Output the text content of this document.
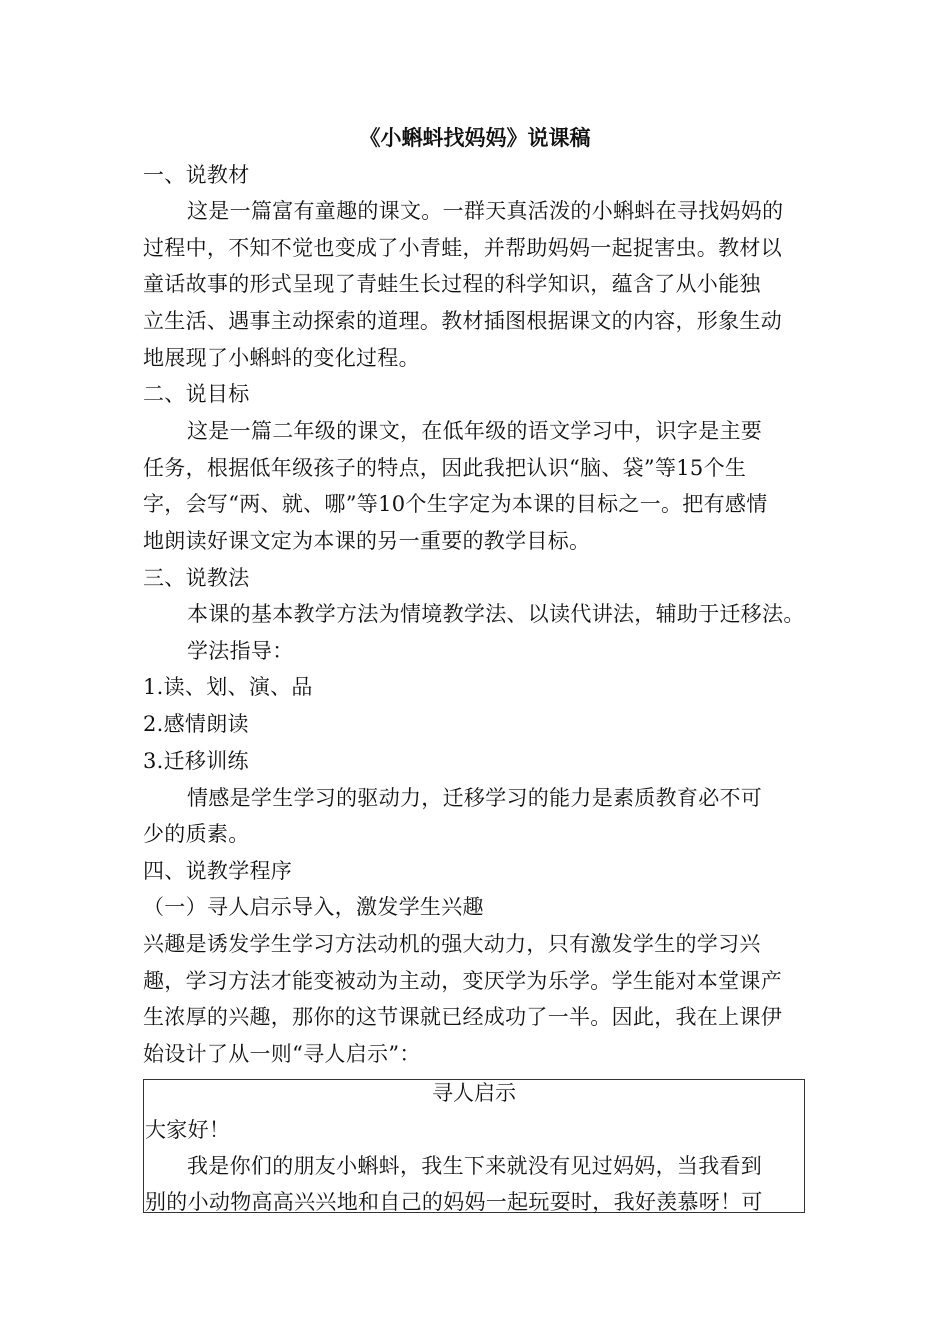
《小蝌蚪找妈妈》说课稿
一、说教材
这是一篇富有童趣的课文。一群天真活泼的小蝌蚪在寻找妈妈的
过程中，不知不觉也变成了小青蛙，并帮助妈妈一起捉害虫。教材以
童话故事的形式呈现了青蛙生长过程的科学知识，蕴含了从小能独
立生活、遇事主动探索的道理。教材插图根据课文的内容，形象生动
地展现了小蝌蚪的变化过程。
二、说目标
这是一篇二年级的课文，在低年级的语文学习中，识字是主要
任务，根据低年级孩子的特点，因此我把认识“脑、袋”等15个生
字，会写“两、就、哪”等10个生字定为本课的目标之一。把有感情
地朗读好课文定为本课的另一重要的教学目标。
三、说教法
本课的基本教学方法为情境教学法、以读代讲法，辅助于迁移法。
学法指导：
1.读、划、演、品
2.感情朗读
3.迁移训练
情感是学生学习的驱动力，迁移学习的能力是素质教育必不可
少的质素。
四、说教学程序
（一）寻人启示导入，激发学生兴趣
兴趣是诱发学生学习方法动机的强大动力，只有激发学生的学习兴
趣，学习方法才能变被动为主动，变厌学为乐学。学生能对本堂课产
生浓厚的兴趣，那你的这节课就已经成功了一半。因此，我在上课伊
始设计了从一则“寻人启示”：
寻人启示
大家好！
我是你们的朋友小蝌蚪，我生下来就没有见过妈妈，当我看到
别的小动物高高兴兴地和自己的妈妈一起玩耍时，我好羡慕呀！可
